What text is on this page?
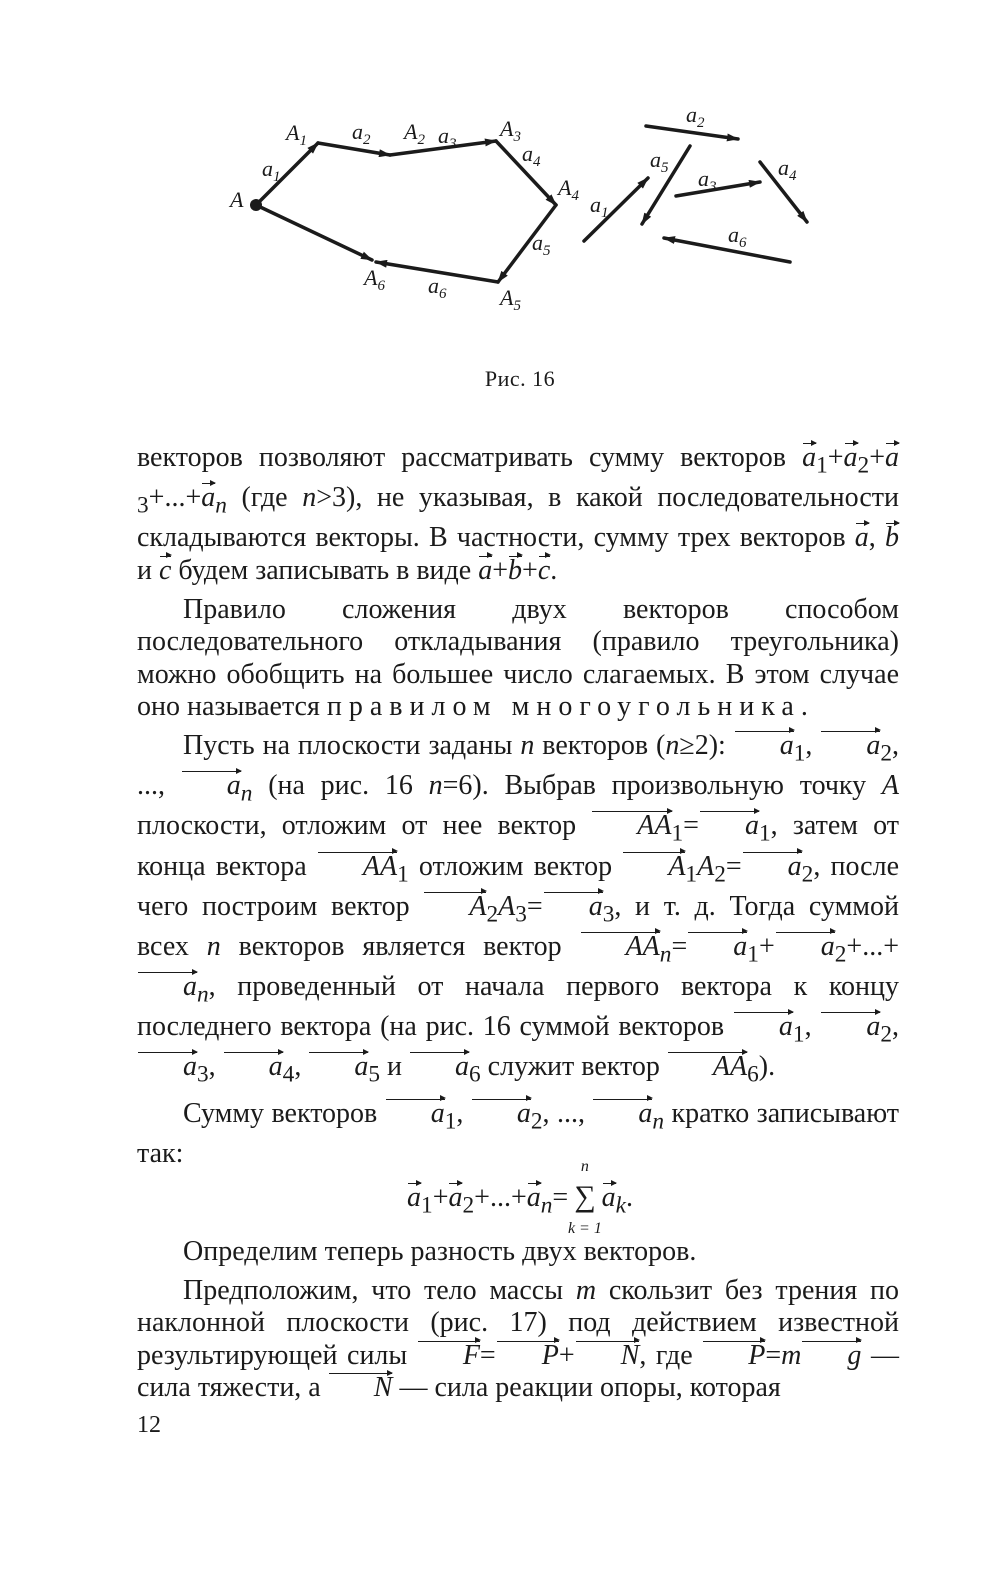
A
$A_1$	$A_2$	$A_3$
$A_4$
$A_5$
$A_6$
$a_1$
$a_2$	$a_3$	$a_4$
$a_5$
$a_6$
$a_1$
$a_2$
$a_3$
$a_4$
$a_5$
$a_6$
Рис. 16

векторов позволяют рассматривать сумму векторов $a_1+a_2+a_3+...+a_n$ (где n>3), не указывая, в какой последовательности складываются векторы. В частности, сумму трех векторов a, b и c будем записывать в виде a+b+c.

Правило сложения двух векторов способом последовательного откладывания (правило треугольника) можно обобщить на большее число слагаемых. В этом случае оно называется правилом многоугольника.

Пусть на плоскости заданы n векторов (n≥2): $a_1$, $a_2$, ..., $a_n$ (на рис. 16 n=6). Выбрав произвольную точку A плоскости, отложим от нее вектор $AA_1= a_1$, затем от конца вектора $AA_1$ отложим вектор $A_1A_2= a_2$, после чего построим вектор $A_2A_3= a_3$, и т. д. Тогда суммой всех n векторов является вектор $AA_n= a_1+ a_2+...+a_n$, проведенный от начала первого вектора к концу последнего вектора (на рис. 16 суммой векторов $a_1$, $a_2$, $a_3$, $a_4$, $a_5$ и $a_6$ служит вектор $AA_6$).

Сумму векторов $a_1$, $a_2$, ..., $a_n$ кратко записывают так:

$a_1+a_2+...+a_n=$ ∑
n
k = 1
$a_k$.

Определим теперь разность двух векторов.

Предположим, что тело массы m скользит без трения по наклонной плоскости (рис. 17) под действием известной результирующей силы F= P+ N, где P=m g — сила тяжести, а N — сила реакции опоры, которая

12
